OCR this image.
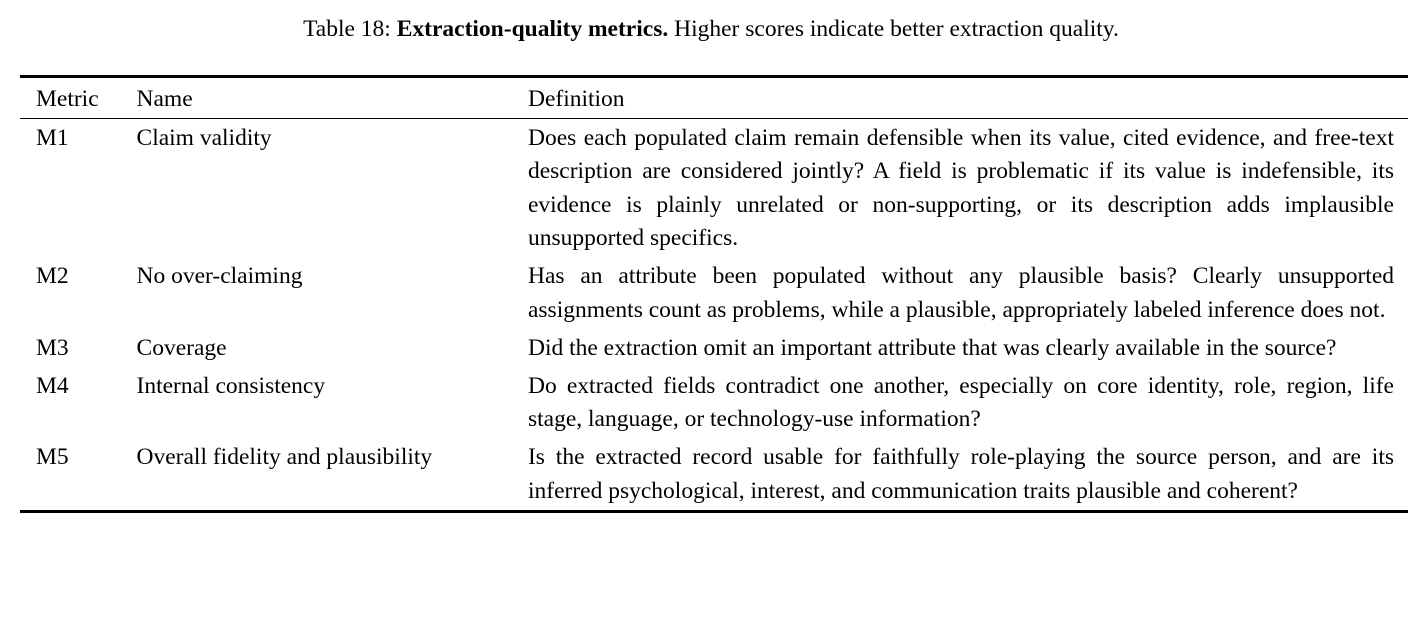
Table 18: Extraction-quality metrics. Higher scores indicate better extraction quality.
Metric	Name	Definition
M1	Claim validity	Does each populated claim remain defensible when its value, cited evidence, and free-text description are considered jointly? A field is problematic if its value is indefensible, its evidence is plainly unrelated or non-supporting, or its description adds implausible unsupported specifics.
M2	No over-claiming	Has an attribute been populated without any plausible basis? Clearly unsupported assignments count as problems, while a plausible, appropriately labeled inference does not.
M3	Coverage	Did the extraction omit an important attribute that was clearly available in the source?
M4	Internal consistency	Do extracted fields contradict one another, especially on core identity, role, region, life stage, language, or technology-use information?
M5	Overall fidelity and plausibility	Is the extracted record usable for faithfully role-playing the source person, and are its inferred psychological, interest, and communication traits plausible and coherent?
